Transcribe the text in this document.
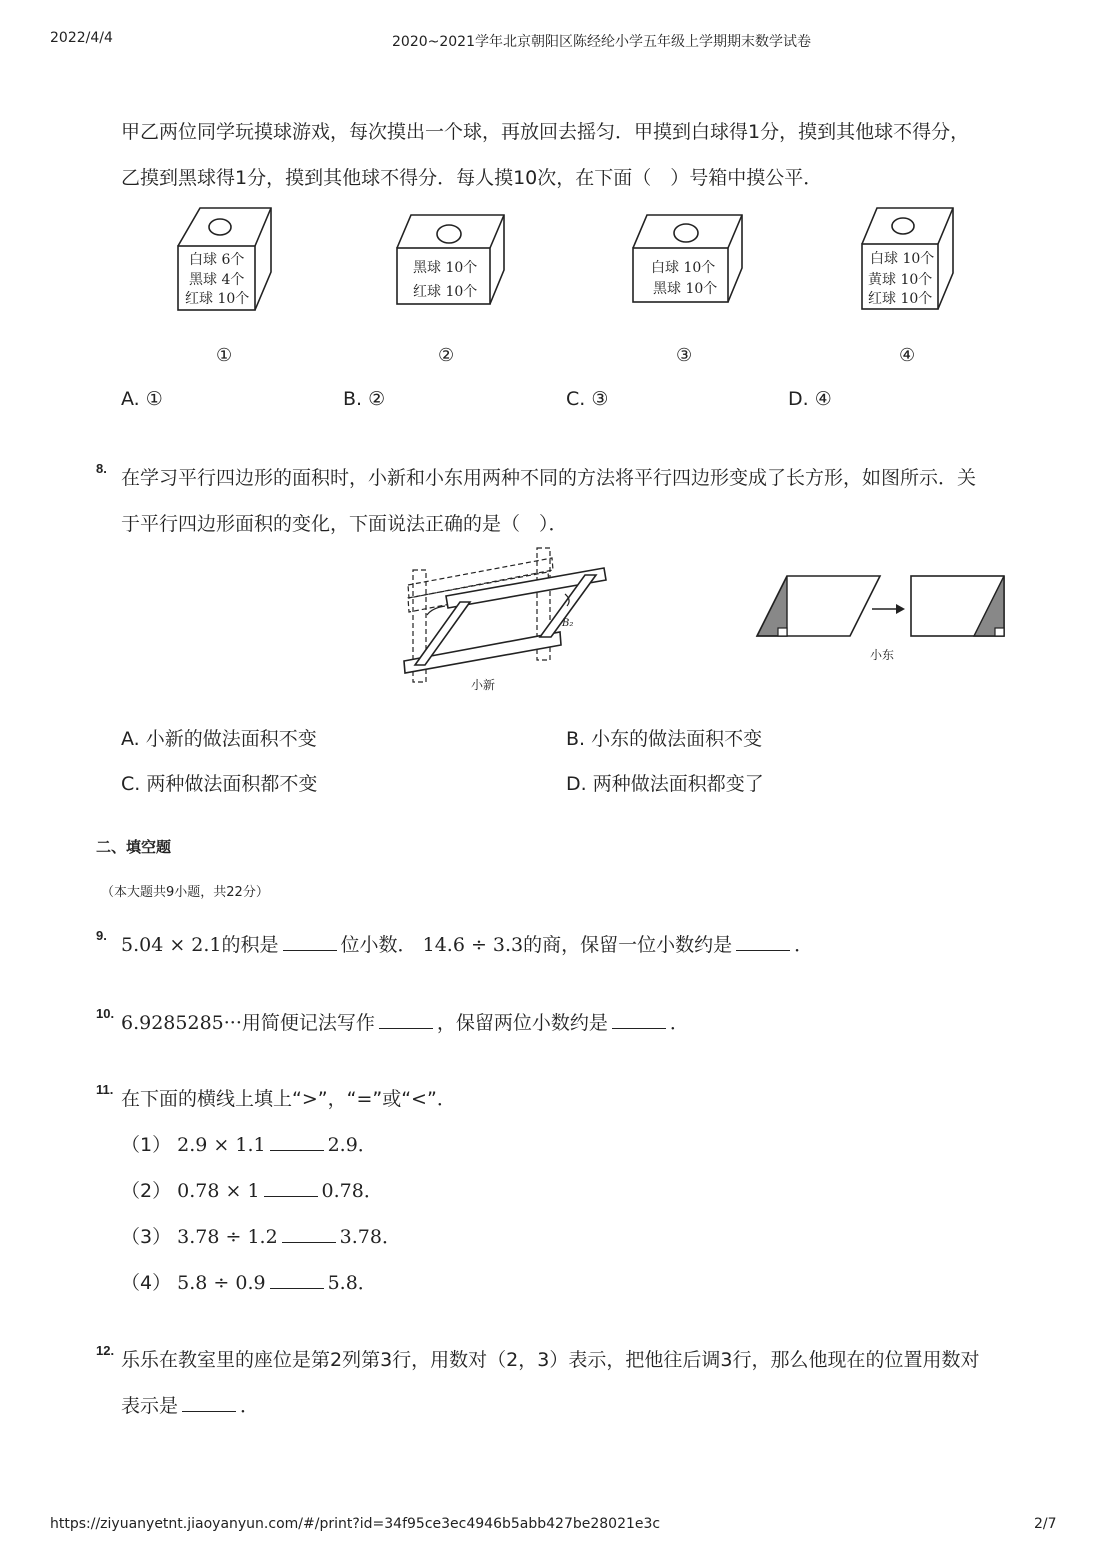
2022/4/4	2020~2021学年北京朝阳区陈经纶小学五年级上学期期末数学试卷
甲乙两位同学玩摸球游戏，每次摸出一个球，再放回去摇匀．甲摸到白球得1分，摸到其他球不得分，
乙摸到黑球得1分，摸到其他球不得分．每人摸10次，在下面（　）号箱中摸公平．
白球 6个
黑球 4个
红球 10个
黑球 10个
红球 10个
白球 10个
黑球 10个
白球 10个
黄球 10个
红球 10个
①	②	③	④
A. ①	B. ②	C. ③	D. ④
8. 在学习平行四边形的面积时，小新和小东用两种不同的方法将平行四边形变成了长方形，如图所示．关
于平行四边形面积的变化，下面说法正确的是（　）．
B₂
小新
小东
A. 小新的做法面积不变	B. 小东的做法面积不变
C. 两种做法面积都不变	D. 两种做法面积都变了
二、填空题
（本大题共9小题，共22分）
9. 5.04 × 2.1的积是	位小数． 14.6 ÷ 3.3的商，保留一位小数约是	．
10. 6.9285285···用简便记法写作	，保留两位小数约是	．
11. 在下面的横线上填上“>”，“=”或“<”．
（1） 2.9 × 1.1	2.9．
（2） 0.78 × 1	0.78．
（3） 3.78 ÷ 1.2	3.78．
（4） 5.8 ÷ 0.9	5.8．
12. 乐乐在教室里的座位是第2列第3行，用数对（2，3）表示，把他往后调3行，那么他现在的位置用数对
表示是	．
https://ziyuanyetnt.jiaoyanyun.com/#/print?id=34f95ce3ec4946b5abb427be28021e3c	2/7
